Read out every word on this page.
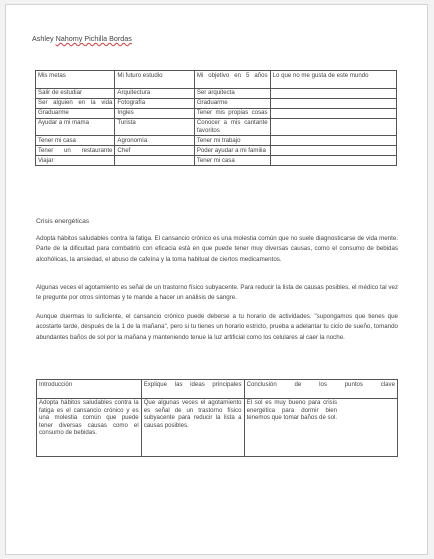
Ashley Nahomy Pichilla Bordas
Mis metas	Mi futuro estudio	Mi objetivo en 5 años	Lo que no me gusta de este mundo
Salir de estudiar	Arquitectura	Ser arquitecta	
Ser alguien en la vida	Fotografía	Graduarme	
Graduarme	Ingles	Tener mis propias cosas	
Ayudar a mi mama	Turista	Conocer a mis cantante favoritos	
Tener mi casa	Agronomía	Tener mi trabajo	
Tener un restaurante	Chef	Poder ayudar a mi familia	
Viajar		Tener mi casa	
Crisis energéticas

Adopta hábitos saludables contra la fatiga. El cansancio crónico es una molestia común que no suele diagnosticarse de vida mente. Parte de la dificultad para combatirlo con eficacia está en que puede tener muy diversas causas, como el consumo de bebidas alcohólicas, la ansiedad, el abuso de cafeína y la toma habitual de ciertos medicamentos.

Algunas veces el agotamiento es señal de un trastorno físico subyacente. Para reducir la lista de causas posibles, el médico tal vez te pregunte por otros síntomas y te mande a hacer un análisis de sangre.

Aunque duermas lo suficiente, el cansancio crónico puede deberse a tu horario de actividades. "supongamos que tienes que acostarte tarde, después de la 1 de la mañana", pero si tu tienes un horario estricto, prueba a adelantar tu ciclo de sueño, tomando abundantes baños de sol por la mañana y manteniendo tenue la luz artificial como los celulares al caer la noche.

Introducción	Explique las ideas principales	Conclusión de los puntos clave
Adopta hábitos saludables contra la fatiga es el cansancio crónico y es una molestia común que puede tener diversas causas como el consumo de bebidas.	Que algunas veces el agotamiento es señal de un trastorno físico subyacente para reducir la lista a causas posibles.	El sol es muy bueno para crisis energética para dormir bien tenemos que tomar baños de sol.
